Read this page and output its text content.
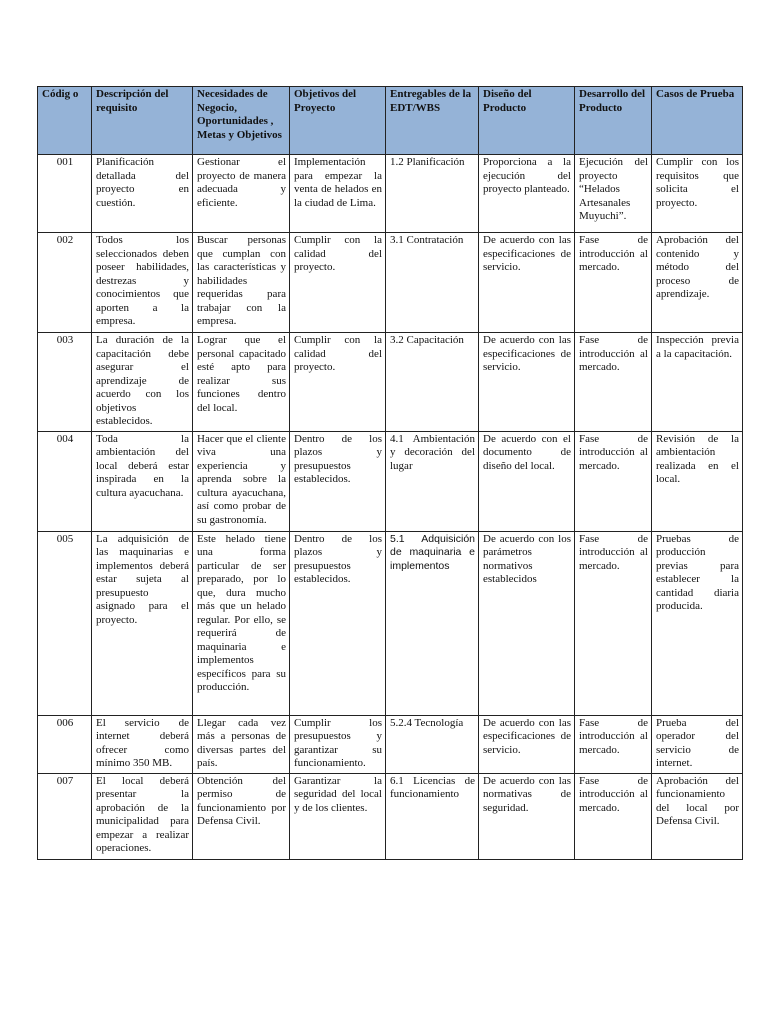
Códig o	Descripción del requisito	Necesidades de Negocio, Oportunidades , Metas y Objetivos	Objetivos del Proyecto	Entregables de la EDT/WBS	Diseño del Producto	Desarrollo del Producto	Casos de Prueba
001	Planificación detallada del proyecto en cuestión.	Gestionar el proyecto de manera adecuada y eficiente.	Implementación para empezar la venta de helados en la ciudad de Lima.	1.2 Planificación	Proporciona a la ejecución del proyecto planteado.	Ejecución del proyecto “Helados Artesanales Muyuchi”.	Cumplir con los requisitos que solicita el proyecto.
002	Todos los seleccionados deben poseer habilidades, destrezas y conocimientos que aporten a la empresa.	Buscar personas que cumplan con las características y habilidades requeridas para trabajar con la empresa.	Cumplir con la calidad del proyecto.	3.1 Contratación	De acuerdo con las especificaciones de servicio.	Fase de introducción al mercado.	Aprobación del contenido y método del proceso de aprendizaje.
003	La duración de la capacitación debe asegurar el aprendizaje de acuerdo con los objetivos establecidos.	Lograr que el personal capacitado esté apto para realizar sus funciones dentro del local.	Cumplir con la calidad del proyecto.	3.2 Capacitación	De acuerdo con las especificaciones de servicio.	Fase de introducción al mercado.	Inspección previa a la capacitación.
004	Toda la ambientación del local deberá estar inspirada en la cultura ayacuchana.	Hacer que el cliente viva una experiencia y aprenda sobre la cultura ayacuchana, así como probar de su gastronomía.	Dentro de los plazos y presupuestos establecidos.	4.1 Ambientación y decoración del lugar	De acuerdo con el documento de diseño del local.	Fase de introducción al mercado.	Revisión de la ambientación realizada en el local.
005	La adquisición de las maquinarias e implementos deberá estar sujeta al presupuesto asignado para el proyecto.	Este helado tiene una forma particular de ser preparado, por lo que, dura mucho más que un helado regular. Por ello, se requerirá de maquinaria e implementos específicos para su producción.	Dentro de los plazos y presupuestos establecidos.	5.1 Adquisición de maquinaria e implementos	De acuerdo con los parámetros normativos establecidos	Fase de introducción al mercado.	Pruebas de producción previas para establecer la cantidad diaria producida.
006	El servicio de internet deberá ofrecer como mínimo 350 MB.	Llegar cada vez más a personas de diversas partes del país.	Cumplir los presupuestos y garantizar su funcionamiento.	5.2.4 Tecnología	De acuerdo con las especificaciones de servicio.	Fase de introducción al mercado.	Prueba del operador del servicio de internet.
007	El local deberá presentar la aprobación de la municipalidad para empezar a realizar operaciones.	Obtención del permiso de funcionamiento por Defensa Civil.	Garantizar la seguridad del local y de los clientes.	6.1 Licencias de funcionamiento	De acuerdo con las normativas de seguridad.	Fase de introducción al mercado.	Aprobación del funcionamiento del local por Defensa Civil.
